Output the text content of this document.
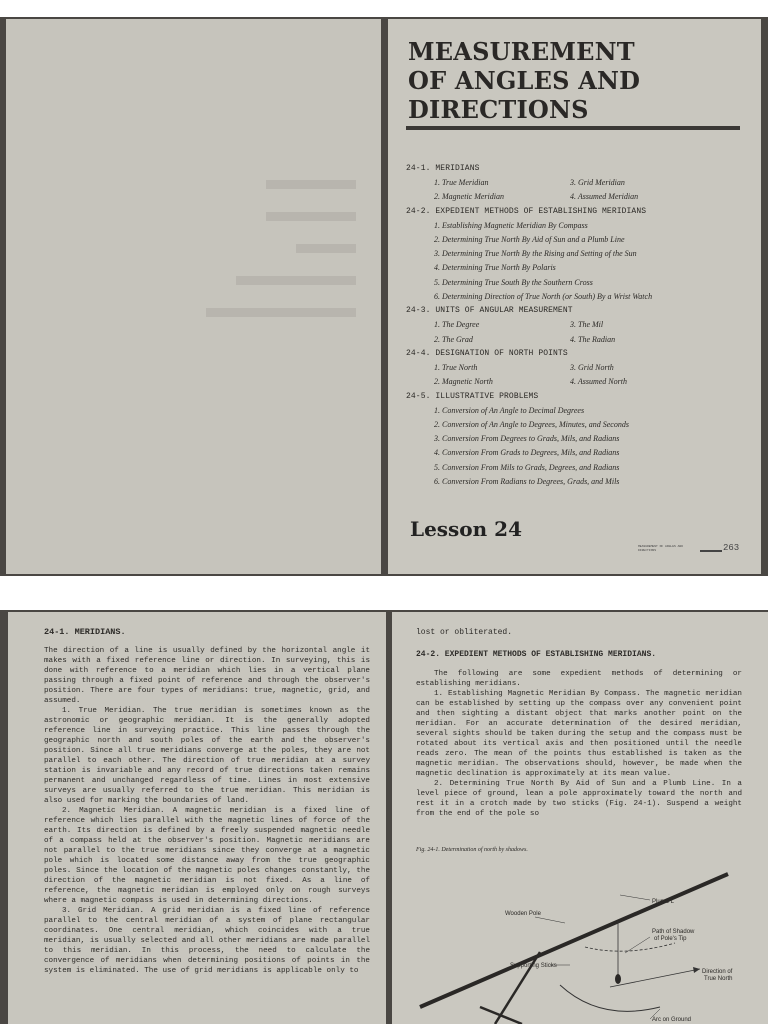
▬▬▬ ▬▬▬
▬▬ ▬▬▬▬
▬▬▬▬▬
MEASUREMENT
OF ANGLES AND
DIRECTIONS
24-1. MERIDIANS
1. True Meridian	3. Grid Meridian
2. Magnetic Meridian	4. Assumed Meridian
24-2. EXPEDIENT METHODS OF ESTABLISHING MERIDIANS
1. Establishing Magnetic Meridian By Compass
2. Determining True North By Aid of Sun and a Plumb Line
3. Determining True North By the Rising and Setting of the Sun
4. Determining True North By Polaris
5. Determining True South By the Southern Cross
6. Determining Direction of True North (or South) By a Wrist Watch
24-3. UNITS OF ANGULAR MEASUREMENT
1. The Degree	3. The Mil
2. The Grad	4. The Radian
24-4. DESIGNATION OF NORTH POINTS
1. True North	3. Grid North
2. Magnetic North	4. Assumed North
24-5. ILLUSTRATIVE PROBLEMS
1. Conversion of An Angle to Decimal Degrees
2. Conversion of An Angle to Degrees, Minutes, and Seconds
3. Conversion From Degrees to Grads, Mils, and Radians
4. Conversion From Grads to Degrees, Mils, and Radians
5. Conversion From Mils to Grads, Degrees, and Radians
6. Conversion From Radians to Degrees, Grads, and Mils
Lesson 24
MEASUREMENT OF ANGLES AND DIRECTIONS	263
24-1. MERIDIANS.

The direction of a line is usually defined by the horizontal angle it makes with a fixed reference line or direction. In surveying, this is done with reference to a meridian which lies in a vertical plane passing through a fixed point of reference and through the observer's position. There are four types of meridians: true, magnetic, grid, and assumed.

1. True Meridian. The true meridian is sometimes known as the astronomic or geographic meridian. It is the generally adopted reference line in surveying practice. This line passes through the geographic north and south poles of the earth and the observer's position. Since all true meridians converge at the poles, they are not parallel to each other. The direction of true meridian at a survey station is invariable and any record of true directions taken remains permanent and unchanged regardless of time. Lines in most extensive surveys are usually referred to the true meridian. This meridian is also used for marking the boundaries of land.

2. Magnetic Meridian. A magnetic meridian is a fixed line of reference which lies parallel with the magnetic lines of force of the earth. Its direction is defined by a freely suspended magnetic needle of a compass held at the observer's position. Magnetic meridians are not parallel to the true meridians since they converge at a magnetic pole which is located some distance away from the true geographic poles. Since the location of the magnetic poles changes constantly, the direction of the magnetic meridian is not fixed. As a line of reference, the magnetic meridian is employed only on rough surveys where a magnetic compass is used in determining directions.

3. Grid Meridian. A grid meridian is a fixed line of reference parallel to the central meridian of a system of plane rectangular coordinates. One central meridian, which coincides with a true meridian, is usually selected and all other meridians are made parallel to this meridian. In this process, the need to calculate the convergence of meridians when determining positions of points in the system is eliminated. The use of grid meridians is applicable only to

lost or obliterated.
24-2. EXPEDIENT METHODS OF ESTABLISHING MERIDIANS.

The following are some expedient methods of determining or establishing meridians.

1. Establishing Magnetic Meridian By Compass. The magnetic meridian can be established by setting up the compass over any convenient point and then sighting a distant object that marks another point on the meridian. For an accurate determination of the desired meridian, several sights should be taken during the setup and the compass must be rotated about its vertical axis and then positioned until the needle reads zero. The mean of the points thus established is taken as the magnetic meridian. The observations should, however, be made when the magnetic declination is approximately at its mean value.

2. Determining True North By Aid of Sun and a Plumb Line. In a level piece of ground, lean a pole approximately toward the north and rest it in a crotch made by two sticks (Fig. 24-1). Suspend a weight from the end of the pole so

Fig. 24-1. Determination of north by shadows.
Wooden Pole
Plumb L
Path of Shadow
of Pole's Tip
Supporting Sticks
Direction of
True North
Arc on Ground
